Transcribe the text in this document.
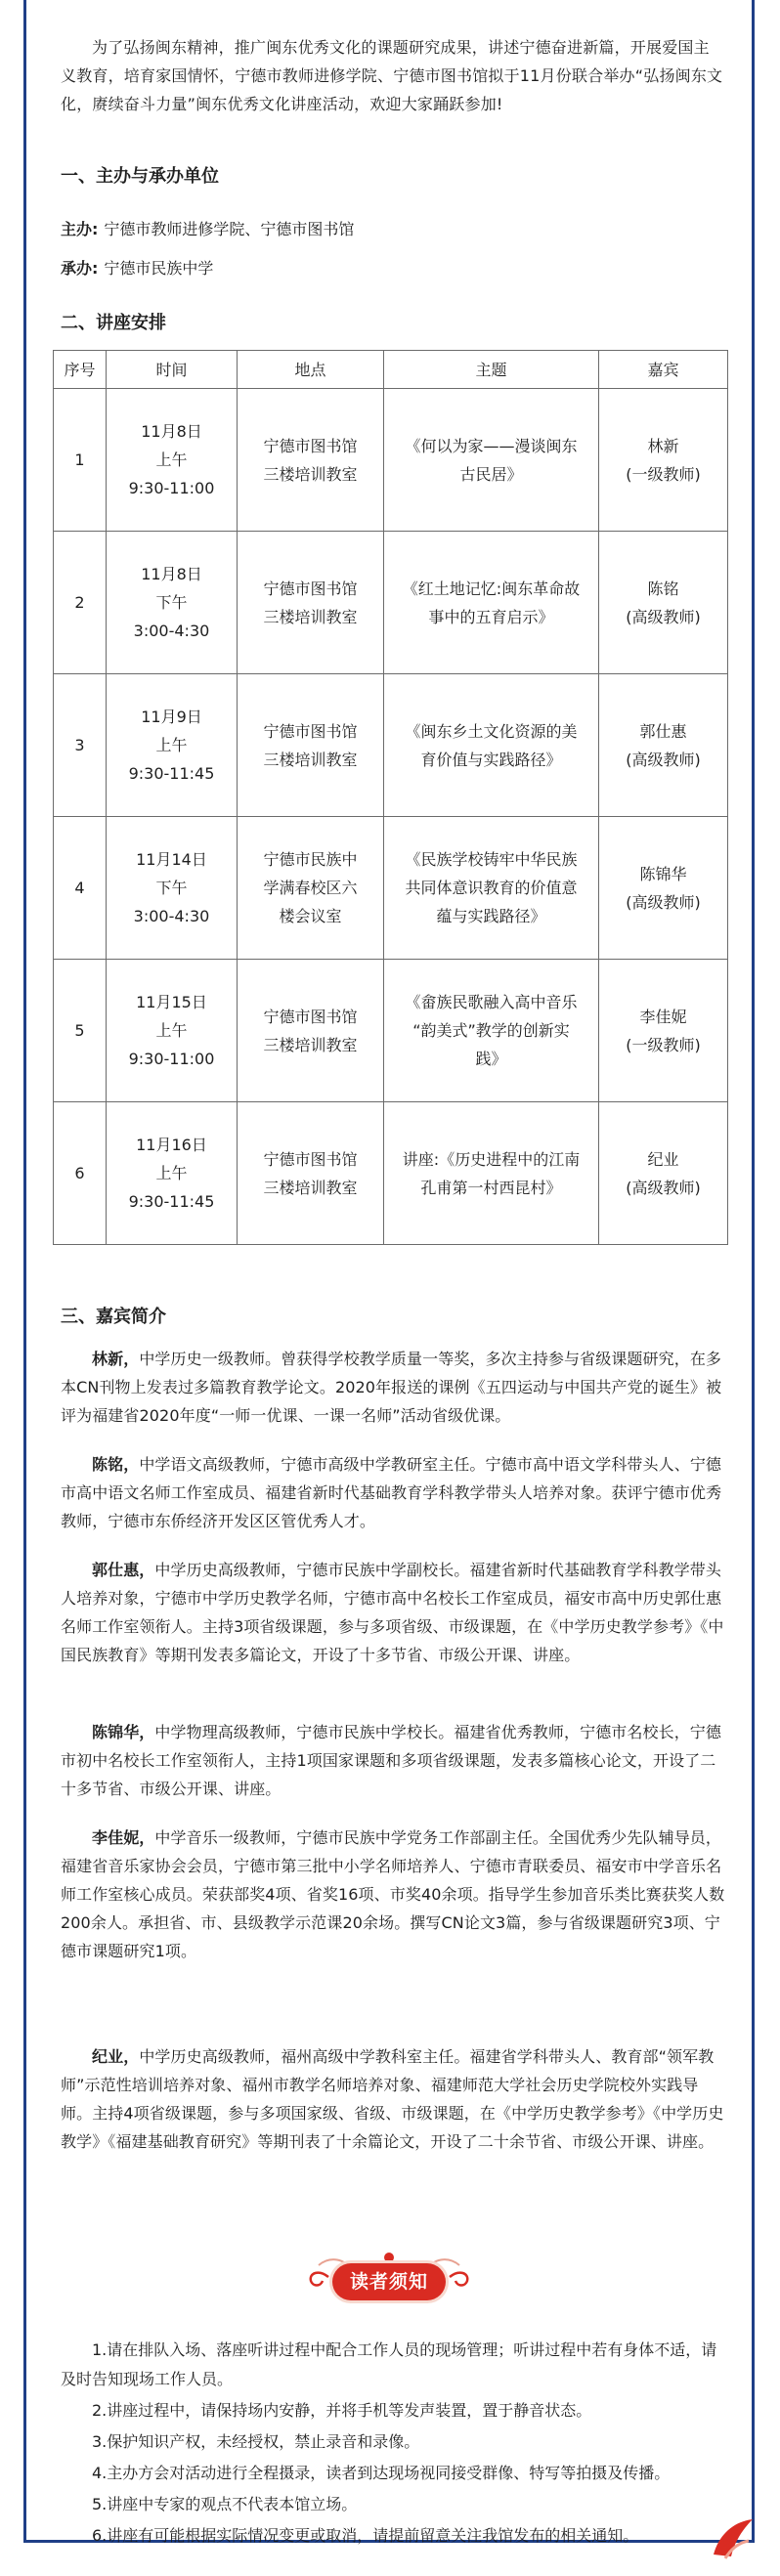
为了弘扬闽东精神，推广闽东优秀文化的课题研究成果，讲述宁德奋进新篇，开展爱国主义教育，培育家国情怀，宁德市教师进修学院、宁德市图书馆拟于11月份联合举办“弘扬闽东文化，赓续奋斗力量”闽东优秀文化讲座活动，欢迎大家踊跃参加!

一、主办与承办单位
主办: 宁德市教师进修学院、宁德市图书馆
承办: 宁德市民族中学
二、讲座安排
序号	时间	地点	主题	嘉宾
1	11月8日
上午
9:30-11:00	宁德市图书馆
三楼培训教室	《何以为家——漫谈闽东
古民居》	林新
(一级教师)

2	11月8日
下午
3:00-4:30	宁德市图书馆
三楼培训教室	《红土地记忆:闽东革命故
事中的五育启示》	陈铭
(高级教师)

3	11月9日
上午
9:30-11:45	宁德市图书馆
三楼培训教室	《闽东乡土文化资源的美
育价值与实践路径》	郭仕惠
(高级教师)

4	11月14日
下午
3:00-4:30	宁德市民族中
学满春校区六
楼会议室	《民族学校铸牢中华民族
共同体意识教育的价值意
蕴与实践路径》	陈锦华
(高级教师)

5	11月15日
上午
9:30-11:00	宁德市图书馆
三楼培训教室	《畲族民歌融入高中音乐
“韵美式”教学的创新实
践》	李佳妮
(一级教师)

6	11月16日
上午
9:30-11:45	宁德市图书馆
三楼培训教室	讲座:《历史进程中的江南
孔甫第一村西昆村》	纪业
(高级教师)
三、嘉宾简介

林新，中学历史一级教师。曾获得学校教学质量一等奖，多次主持参与省级课题研究，在多本CN刊物上发表过多篇教育教学论文。2020年报送的课例《五四运动与中国共产党的诞生》被评为福建省2020年度“一师一优课、一课一名师”活动省级优课。

陈铭，中学语文高级教师，宁德市高级中学教研室主任。宁德市高中语文学科带头人、宁德市高中语文名师工作室成员、福建省新时代基础教育学科教学带头人培养对象。获评宁德市优秀教师，宁德市东侨经济开发区区管优秀人才。

郭仕惠，中学历史高级教师，宁德市民族中学副校长。福建省新时代基础教育学科教学带头人培养对象，宁德市中学历史教学名师，宁德市高中名校长工作室成员，福安市高中历史郭仕惠名师工作室领衔人。主持3项省级课题，参与多项省级、市级课题，在《中学历史教学参考》《中国民族教育》等期刊发表多篇论文，开设了十多节省、市级公开课、讲座。

陈锦华，中学物理高级教师，宁德市民族中学校长。福建省优秀教师，宁德市名校长，宁德市初中名校长工作室领衔人，主持1项国家课题和多项省级课题，发表多篇核心论文，开设了二十多节省、市级公开课、讲座。

李佳妮，中学音乐一级教师，宁德市民族中学党务工作部副主任。全国优秀少先队辅导员，福建省音乐家协会会员，宁德市第三批中小学名师培养人、宁德市青联委员、福安市中学音乐名师工作室核心成员。荣获部奖4项、省奖16项、市奖40余项。指导学生参加音乐类比赛获奖人数200余人。承担省、市、县级教学示范课20余场。撰写CN论文3篇，参与省级课题研究3项、宁德市课题研究1项。

纪业，中学历史高级教师，福州高级中学教科室主任。福建省学科带头人、教育部“领军教师”示范性培训培养对象、福州市教学名师培养对象、福建师范大学社会历史学院校外实践导师。主持4项省级课题，参与多项国家级、省级、市级课题，在《中学历史教学参考》《中学历史教学》《福建基础教育研究》等期刊表了十余篇论文，开设了二十余节省、市级公开课、讲座。

读者须知

1.请在排队入场、落座听讲过程中配合工作人员的现场管理；听讲过程中若有身体不适，请及时告知现场工作人员。

2.讲座过程中，请保持场内安静，并将手机等发声装置，置于静音状态。

3.保护知识产权，未经授权，禁止录音和录像。

4.主办方会对活动进行全程摄录，读者到达现场视同接受群像、特写等拍摄及传播。

5.讲座中专家的观点不代表本馆立场。

6.讲座有可能根据实际情况变更或取消，请提前留意关注我馆发布的相关通知。
